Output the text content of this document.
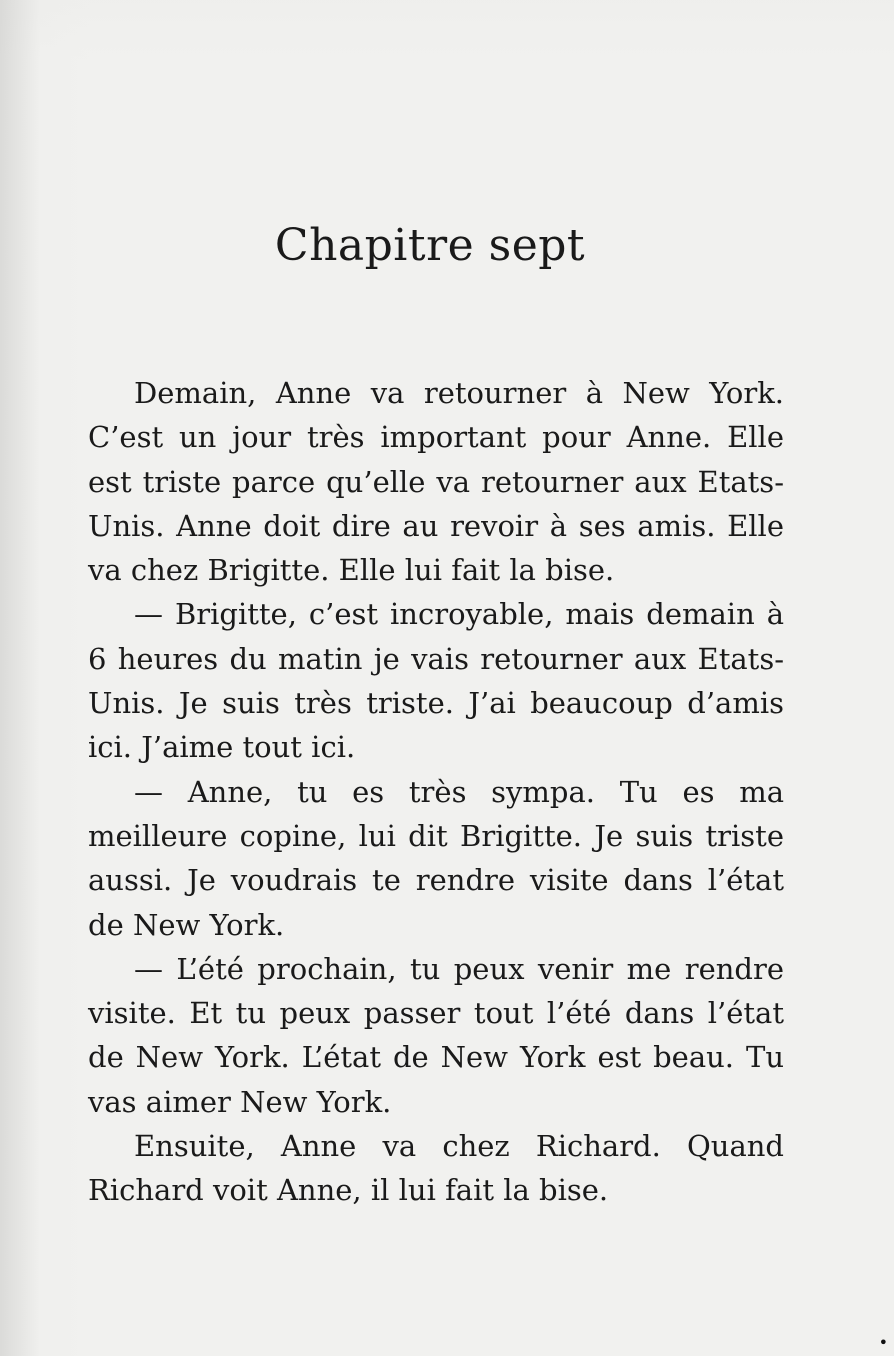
Chapitre sept

Demain, Anne va retourner à New York. C’est un jour très important pour Anne. Elle est triste parce qu’elle va retourner aux Etats-Unis. Anne doit dire au revoir à ses amis. Elle va chez Brigitte. Elle lui fait la bise.

— Brigitte, c’est incroyable, mais demain à 6 heures du matin je vais retourner aux Etats-Unis. Je suis très triste. J’ai beaucoup d’amis ici. J’aime tout ici.

— Anne, tu es très sympa. Tu es ma meilleure copine, lui dit Brigitte. Je suis triste aussi. Je voudrais te rendre visite dans l’état de New York.

— L’été prochain, tu peux venir me rendre visite. Et tu peux passer tout l’été dans l’état de New York. L’état de New York est beau. Tu vas aimer New York.

Ensuite, Anne va chez Richard. Quand Richard voit Anne, il lui fait la bise.

•
